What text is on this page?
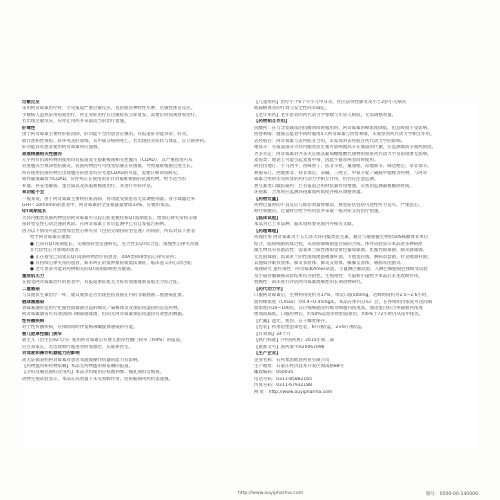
过敏反应
采用阿奇霉素治疗时，罕见报道严重过敏反应，包括血管神经性水肿、过敏性休克反应。
少数病人虽然采用短期治疗，停止对症治疗后过敏症状立即复发，需要长时间观察和治疗。
若出现过敏反应，应停止用药并采取适当的治疗措施。
肝毒性
由于阿奇霉素主要经肝脏清除，肝功能不全的患者应慎用。有报道肝功能异常、肝炎、
胆汁淤积性黄疸、肝坏死及肝衰竭，其中部分病例死亡。若出现肝炎症状与体征，应立即停药。
肝功能异常患者使用阿奇霉素时应谨慎。
艰难梭菌相关性腹泻
几乎所有抗菌药物的使用均有报道发生艰难梭菌相关性腹泻（CDAD），其严重程度可从
轻度腹泻至致命性结肠炎。抗菌药物治疗可改变结肠正常菌群，导致艰难梭菌过度生长。
所有使用抗菌药物后出现腹泻的患者均应考虑CDAD的可能，需要仔细询问病史。
如怀疑或确诊为CDAD，应停用正在使用的非针对艰难梭菌的抗菌药物，给予适当的
补液、补充电解质、蛋白质以及抗艰难梭菌治疗，并进行外科评估。
肾功能不全
一般来说，由于阿奇霉素主要经肝脏清除，肾功能受损患者无需调整剂量。肾小球滤过率
GFR＜10ml/min的患者中，阿奇霉素的全身暴露量增加33%，应慎用本品。
QT间期延长
大环内酯类抗菌药物包括阿奇霉素可引起心脏复极化和QT间期延长，增加心律失常和尖端
扭转型室性心动过速的风险。在阿奇霉素上市后监测中已有自发报告病例。
因为以下情况可能会增加室性心律失常（包括尖端扭转型室速）的风险，所以对以下患者
给予阿奇霉素应谨慎：
● 已知有QT间期延长、尖端扭转型室速病史、先天性长QT综合征、缓慢性心律失常或
非代偿性心力衰竭的患者；
● 正在接受已知延长QT间期药物治疗的患者，如IA类和III类抗心律失常药；
● 有持续心律失常的患者，如未纠正的低钾血症或低镁血症、临床意义的心动过缓；
● 老年患者可能对药物相关的QT间期影响更为敏感。
重症肌无力
在接受阿奇霉素治疗的患者中，有报道重症肌无力症状加重或新发肌无力综合征。
二重感染
与其他抗生素治疗一样，建议观察是否出现包括真菌在内的非敏感菌二重感染征象。
链球菌感染
青霉素通常是治疗化脓性链球菌引起的咽炎／扁桃体炎及预防风湿热的首选药物。
阿奇霉素通常可有效清除口咽部链球菌，但尚无阿奇霉素预防风湿热有效性的数据。
性传播疾病
对于性传播疾病，应排除同时伴发梅毒螺旋体感染的可能。
婴儿肥厚性幽门狭窄
新生儿（出生后42天内）使用阿奇霉素后有婴儿肥厚性幽门狭窄（IHPS）的报道。
应告知家长，若出现呕吐或进食时易激惹，应联系医生。
对驾驶和操作机器能力的影响
尚无证据表明阿奇霉素对患者驾驶或操作机器的能力有影响。
【药物滥用和药物依赖】本品无药物滥用和依赖的报道。
【孕妇及哺乳期妇女用药】本品孕妇使用应权衡利弊；哺乳期妇女慎用。
动物生殖试验显示，本品在高剂量下未见致畸作用，但妊娠期用药仍需谨慎。
【儿童用药】治疗小于6个月小儿中耳炎、社区获得性肺炎及小于2岁小儿咽炎
或扁桃体炎的疗效与安全性尚未确定。
【老年用药】老年患者的药代动力学参数与年轻人相似，无需调整剂量。
【药物相互作用】
抗酸药：在与含铝或镁的抗酸剂同时服用时，阿奇霉素的峰浓度降低，但总吸收不受影响。
西替利嗪：健康志愿者中同时服用5天阿奇霉素与西替利嗪，未观察到药代动力学相互作用。
去羟肌苷：阿奇霉素与去羟肌苷合用，未发现对去羟肌苷药代动力学的影响。
地高辛：有报道部分大环内酯类抗生素可影响地高辛在肠道的代谢，应监测地高辛血药浓度。
齐多夫定：阿奇霉素对齐多夫定或其葡萄糖醛酸代谢物的血浆药代动力学及尿排泄无影响。
麦角类：理论上可能引起麦角中毒，因此不推荐两者同时使用。
阿托伐他汀、卡马西平、西咪替丁、依非韦伦、氟康唑、茚地那韦、咪达唑仑、奈非那韦、
利福布汀、西地那非、特非那定、茶碱、三唑仑、甲氧苄啶／磺胺甲噁唑等药物，与阿奇
霉素合用时未见明显的药代动力学相互作用，但仍应注意监测。
香豆素类口服抗凝药：已有报道合用时抗凝作用增强，应密切监测凝血酶原时间。
环孢素：合用时应监测环孢素血药浓度并相应调整剂量。
【药物过量】
药物过量时的不良反应与推荐剂量时相似，典型症状包括可逆性听力丧失、严重恶心、
呕吐和腹泻。过量时应给予药用炭并采取一般对症支持治疗措施。
【临床试验】
本品为已上市品种，临床资料参见国内外相关文献。
【药理毒理】
药理作用 阿奇霉素为十五元环大环内酯类抗生素，通过与敏感微生物的50S核糖体亚单位
结合，阻碍细菌转肽过程，从而抑制细菌蛋白质的合成。体外试验显示本品对多种病原
微生物具有抗菌活性：需氧革兰阳性菌如金黄色葡萄球菌、化脓性链球菌、肺炎链球菌、
无乳链球菌；需氧革兰阴性菌如流感嗜血杆菌、卡他莫拉菌、淋病奈瑟菌、杜克嗜血杆菌；
其他如沙眼衣原体、肺炎衣原体、肺炎支原体、解脲支原体、嗜肺军团菌等。
毒理研究 遗传毒性：阿奇霉素Ames试验、小鼠淋巴瘤试验、人淋巴细胞染色体畸变试验
及小鼠骨髓微核试验结果均为阴性。生殖毒性：大鼠和小鼠给予本品后未见致畸作用。
致癌性：尚未进行评估阿奇霉素致癌性的长期动物研究。
【药代动力学】
口服阿奇霉素后，生物利用度约为37%，单次口服500mg，达峰时间约为2.5~2.6小时，
血药峰浓度（Cmax）为0.4~0.45mg/L。本品在体内分布广泛，在各组织内浓度可达同期
血浓度的10~100倍，在巨噬细胞及纤维母细胞内浓度高。血清蛋白结合率随血药浓度
增加而减低。口服药物后，约50%以原形经胆道排出，约6%于72小时内从尿中排出。
【贮藏】遮光，密封，在干燥处保存。
【包装】药用铝塑泡罩包装，6片/板/盒，2×6片/板/盒。
【有效期】24个月
【执行标准】《中国药典》2015年版二部
【批准文号】国药准字H20067096
【生产企业】
企业名称：石药集团欧意药业有限公司
生产地址：石家庄经济技术开发区海南路88号
邮政编码：050035
电话号码：0311-85882165
传真号码：0311-67932188
网 址：http://www.ouyipharma.com
http://www.ouyipharma.com	版号：0500-00-140006
